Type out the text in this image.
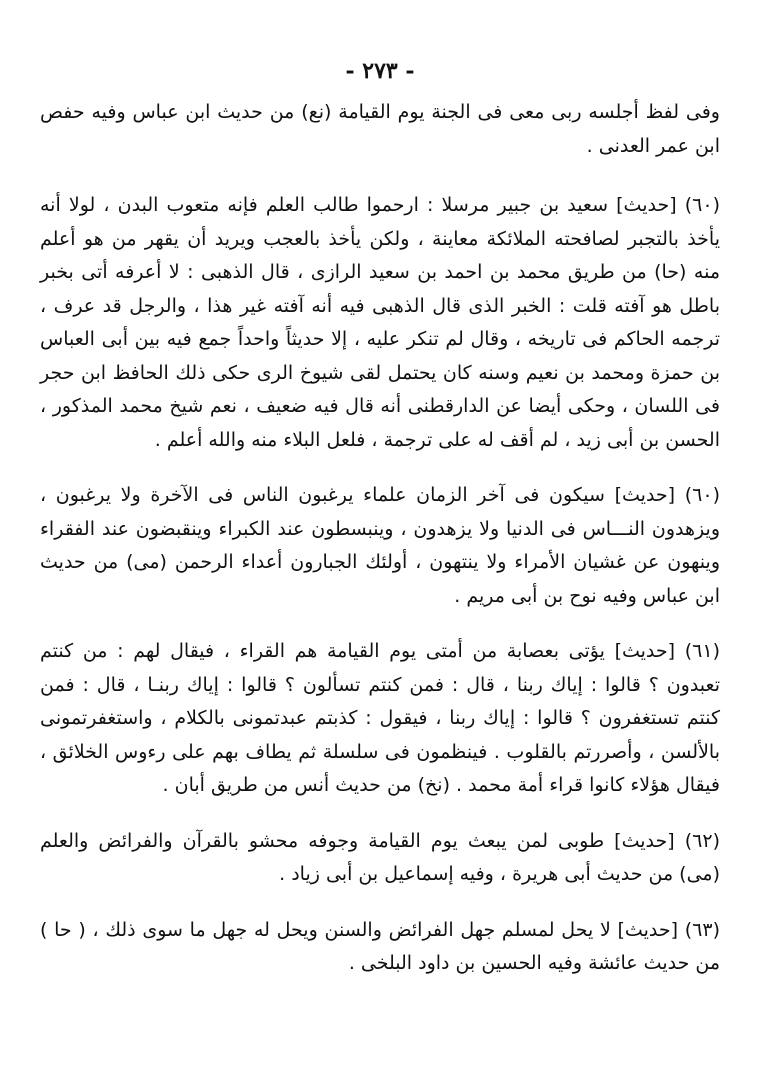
- ٢٧٣ -

وفى لفظ أجلسه ربى معى فى الجنة يوم القيامة (نع) من حديث ابن عباس وفيه حفص ابن عمر العدنى .

(٦٠) [حديث] سعيد بن جبير مرسلا : ارحموا طالب العلم فإنه متعوب البدن ، لولا أنه يأخذ بالتجبر لصافحته الملائكة معاينة ، ولكن يأخذ بالعجب ويريد أن يقهر من هو أعلم منه (حا) من طريق محمد بن احمد بن سعيد الرازى ، قال الذهبى : لا أعرفه أتى بخبر باطل هو آفته قلت : الخبر الذى قال الذهبى فيه أنه آفته غير هذا ، والرجل قد عرف ، ترجمه الحاكم فى تاريخه ، وقال لم تنكر عليه ، إلا حديثاً واحداً جمع فيه بين أبى العباس بن حمزة ومحمد بن نعيم وسنه كان يحتمل لقى شيوخ الرى حكى ذلك الحافظ ابن حجر فى اللسان ، وحكى أيضا عن الدارقطنى أنه قال فيه ضعيف ، نعم شيخ محمد المذكور ، الحسن بن أبى زيد ، لم أقف له على ترجمة ، فلعل البلاء منه والله أعلم .

(٦٠) [حديث] سيكون فى آخر الزمان علماء يرغبون الناس فى الآخرة ولا يرغبون ، ويزهدون النـــاس فى الدنيا ولا يزهدون ، وينبسطون عند الكبراء وينقبضون عند الفقراء وينهون عن غشيان الأمراء ولا ينتهون ، أولئك الجبارون أعداء الرحمن (مى) من حديث ابن عباس وفيه نوح بن أبى مريم .

(٦١) [حديث] يؤتى بعصابة من أمتى يوم القيامة هم القراء ، فيقال لهم : من كنتم تعبدون ؟ قالوا : إياك ربنا ، قال : فمن كنتم تسألون ؟ قالوا : إياك ربنـا ، قال : فمن كنتم تستغفرون ؟ قالوا : إياك ربنا ، فيقول : كذبتم عبدتمونى بالكلام ، واستغفرتمونى بالألسن ، وأصررتم بالقلوب . فينظمون فى سلسلة ثم يطاف بهم على رءوس الخلائق ، فيقال هؤلاء كانوا قراء أمة محمد . (نخ) من حديث أنس من طريق أبان .

(٦٢) [حديث] طوبى لمن يبعث يوم القيامة وجوفه محشو بالقرآن والفرائض والعلم (مى) من حديث أبى هريرة ، وفيه إسماعيل بن أبى زياد .

(٦٣) [حديث] لا يحل لمسلم جهل الفرائض والسنن ويحل له جهل ما سوى ذلك ، ( حا ) من حديث عائشة وفيه الحسين بن داود البلخى .
